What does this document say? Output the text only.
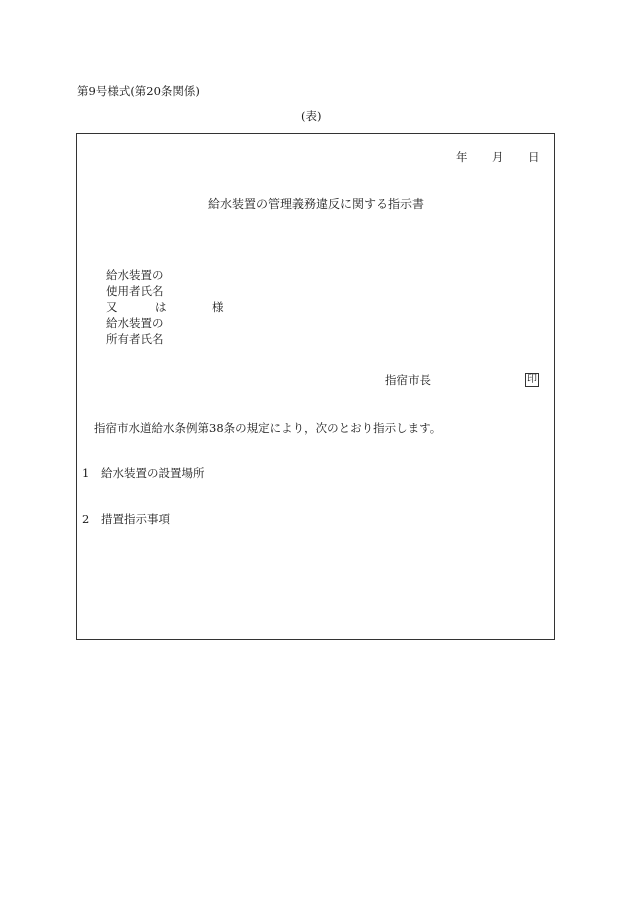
第9号様式(第20条関係)
(表)
年 月 日
給水装置の管理義務違反に関する指示書
給水装置の
使用者氏名
又	は
給水装置の
所有者氏名
様
指宿市長	印
指宿市水道給水条例第38条の規定により，次のとおり指示します。
1 給水装置の設置場所
2 措置指示事項
